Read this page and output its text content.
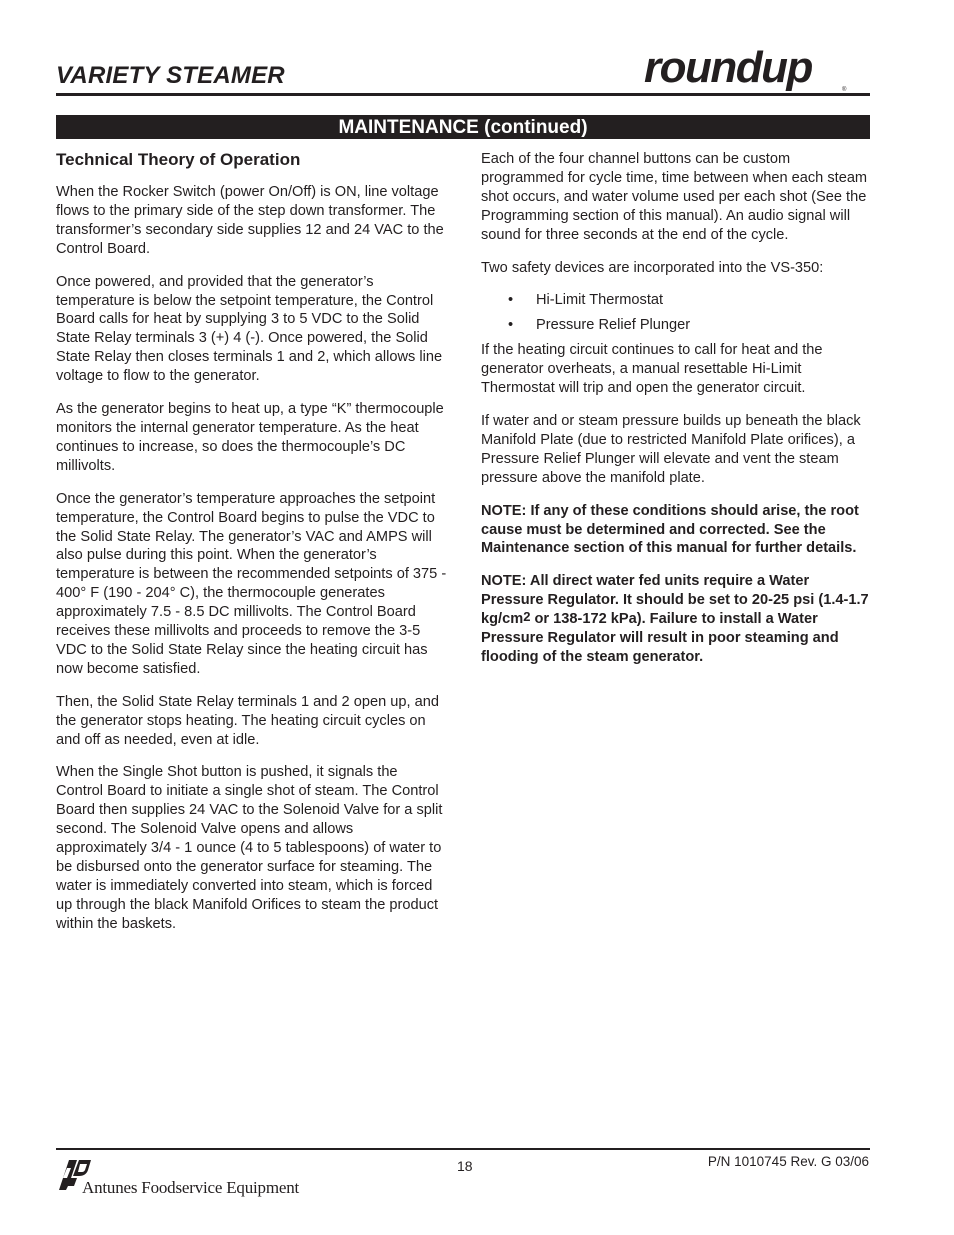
VARIETY STEAMER	roundup	®
MAINTENANCE (continued)
Technical Theory of Operation

When the Rocker Switch (power On/Off) is ON, line voltage flows to the primary side of the step down transformer. The transformer’s secondary side supplies 12 and 24 VAC to the Control Board.

Once powered, and provided that the generator’s temperature is below the setpoint temperature, the Control Board calls for heat by supplying 3 to 5 VDC to the Solid State Relay terminals 3 (+) 4 (-). Once powered, the Solid State Relay then closes terminals 1 and 2, which allows line voltage to flow to the generator.

As the generator begins to heat up, a type “K” thermocouple monitors the internal generator temperature. As the heat continues to increase, so does the thermocouple’s DC millivolts.

Once the generator’s temperature approaches the setpoint temperature, the Control Board begins to pulse the VDC to the Solid State Relay. The generator’s VAC and AMPS will also pulse during this point. When the generator’s temperature is between the recommended setpoints of 375 - 400° F (190 - 204° C), the thermocouple generates approximately 7.5 - 8.5 DC millivolts. The Control Board receives these millivolts and proceeds to remove the 3-5 VDC to the Solid State Relay since the heating circuit has now become satisfied.

Then, the Solid State Relay terminals 1 and 2 open up, and the generator stops heating. The heating circuit cycles on and off as needed, even at idle.

When the Single Shot button is pushed, it signals the Control Board to initiate a single shot of steam. The Control Board then supplies 24 VAC to the Solenoid Valve for a split second. The Solenoid Valve opens and allows approximately 3/4 - 1 ounce (4 to 5 tablespoons) of water to be disbursed onto the generator surface for steaming. The water is immediately converted into steam, which is forced up through the black Manifold Orifices to steam the product within the baskets.

Each of the four channel buttons can be custom programmed for cycle time, time between when each steam shot occurs, and water volume used per each shot (See the Programming section of this manual). An audio signal will sound for three seconds at the end of the cycle.

Two safety devices are incorporated into the VS-350:

• Hi-Limit Thermostat
• Pressure Relief Plunger

If the heating circuit continues to call for heat and the generator overheats, a manual resettable Hi-Limit Thermostat will trip and open the generator circuit.

If water and or steam pressure builds up beneath the black Manifold Plate (due to restricted Manifold Plate orifices), a Pressure Relief Plunger will elevate and vent the steam pressure above the manifold plate.

NOTE: If any of these conditions should arise, the root cause must be determined and corrected. See the Maintenance section of this manual for further details.

NOTE: All direct water fed units require a Water Pressure Regulator. It should be set to 20-25 psi (1.4-1.7 $kg/cm^2$ or 138-172 kPa). Failure to install a Water Pressure Regulator will result in poor steaming and flooding of the steam generator.

Antunes Foodservice Equipment
18	P/N 1010745 Rev. G 03/06
